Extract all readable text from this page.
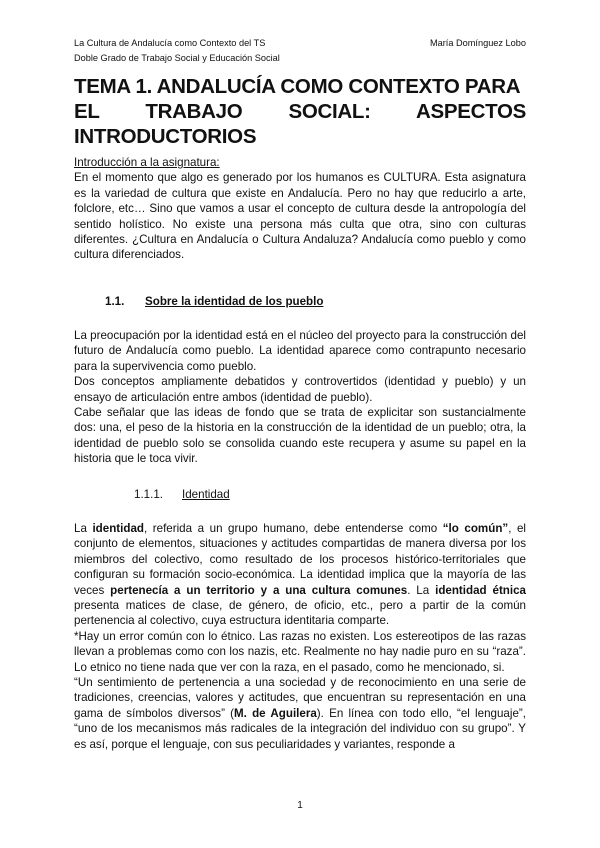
La Cultura de Andalucía como Contexto del TS	María Domínguez Lobo
Doble Grado de Trabajo Social y Educación Social
TEMA 1. ANDALUCÍA COMO CONTEXTO PARA
EL TRABAJO SOCIAL: ASPECTOS
INTRODUCTORIOS

Introducción a la asignatura:

En el momento que algo es generado por los humanos es CULTURA. Esta asignatura es la variedad de cultura que existe en Andalucía. Pero no hay que reducirlo a arte, folclore, etc… Sino que vamos a usar el concepto de cultura desde la antropología del sentido holístico. No existe una persona más culta que otra, sino con culturas diferentes. ¿Cultura en Andalucía o Cultura Andaluza? Andalucía como pueblo y como cultura diferenciados.

1.1. Sobre la identidad de los pueblo

La preocupación por la identidad está en el núcleo del proyecto para la construcción del futuro de Andalucía como pueblo. La identidad aparece como contrapunto necesario para la supervivencia como pueblo.

Dos conceptos ampliamente debatidos y controvertidos (identidad y pueblo) y un ensayo de articulación entre ambos (identidad de pueblo).

Cabe señalar que las ideas de fondo que se trata de explicitar son sustancialmente dos: una, el peso de la historia en la construcción de la identidad de un pueblo; otra, la identidad de pueblo solo se consolida cuando este recupera y asume su papel en la historia que le toca vivir.

1.1.1. Identidad

La identidad, referida a un grupo humano, debe entenderse como “lo común”, el conjunto de elementos, situaciones y actitudes compartidas de manera diversa por los miembros del colectivo, como resultado de los procesos histórico-territoriales que configuran su formación socio-económica. La identidad implica que la mayoría de las veces pertenecía a un territorio y a una cultura comunes. La identidad étnica presenta matices de clase, de género, de oficio, etc., pero a partir de la común pertenencia al colectivo, cuya estructura identitaria comparte.

*Hay un error común con lo étnico. Las razas no existen. Los estereotipos de las razas llevan a problemas como con los nazis, etc. Realmente no hay nadie puro en su “raza”. Lo etnico no tiene nada que ver con la raza, en el pasado, como he mencionado, si.

“Un sentimiento de pertenencia a una sociedad y de reconocimiento en una serie de tradiciones, creencias, valores y actitudes, que encuentran su representación en una gama de símbolos diversos” (M. de Aguilera). En línea con todo ello, “el lenguaje”, “uno de los mecanismos más radicales de la integración del individuo con su grupo”. Y es así, porque el lenguaje, con sus peculiaridades y variantes, responde a

1
